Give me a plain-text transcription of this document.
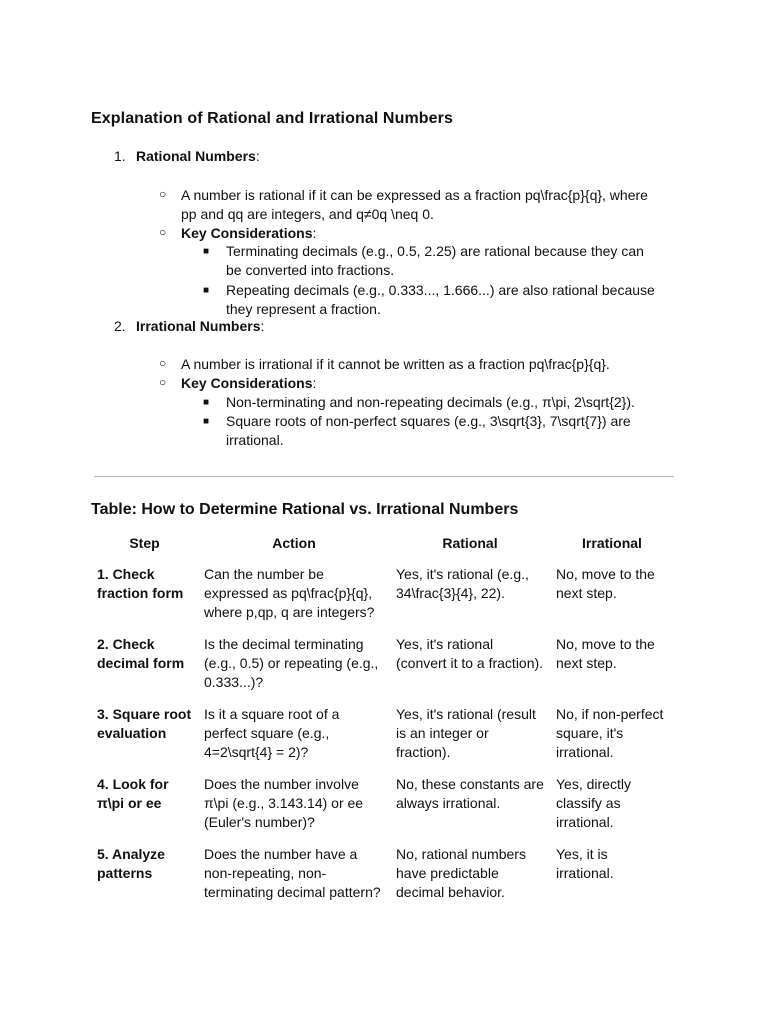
Explanation of Rational and Irrational Numbers
1. Rational Numbers:
○ A number is rational if it can be expressed as a fraction pq\frac{p}{q}, where pp and qq are integers, and q≠0q \neq 0.
○ Key Considerations:
■ Terminating decimals (e.g., 0.5, 2.25) are rational because they can be converted into fractions.
■ Repeating decimals (e.g., 0.333..., 1.666...) are also rational because they represent a fraction.
2. Irrational Numbers:
○ A number is irrational if it cannot be written as a fraction pq\frac{p}{q}.
○ Key Considerations:
■ Non-terminating and non-repeating decimals (e.g., π\pi, 2\sqrt{2}).
■ Square roots of non-perfect squares (e.g., 3\sqrt{3}, 7\sqrt{7}) are irrational.
Table: How to Determine Rational vs. Irrational Numbers
Step	Action	Rational	Irrational
1. Check fraction form	Can the number be expressed as pq\frac{p}{q}, where p,qp, q are integers?	Yes, it's rational (e.g., 34\frac{3}{4}, 22).	No, move to the next step.
2. Check decimal form	Is the decimal terminating (e.g., 0.5) or repeating (e.g., 0.333...)?	Yes, it's rational (convert it to a fraction).	No, move to the next step.
3. Square root evaluation	Is it a square root of a perfect square (e.g., 4=2\sqrt{4} = 2)?	Yes, it's rational (result is an integer or fraction).	No, if non-perfect square, it's irrational.
4. Look for π\pi or ee	Does the number involve π\pi (e.g., 3.143.14) or ee (Euler's number)?	No, these constants are always irrational.	Yes, directly classify as irrational.
5. Analyze patterns	Does the number have a non-repeating, non-terminating decimal pattern?	No, rational numbers have predictable decimal behavior.	Yes, it is irrational.
